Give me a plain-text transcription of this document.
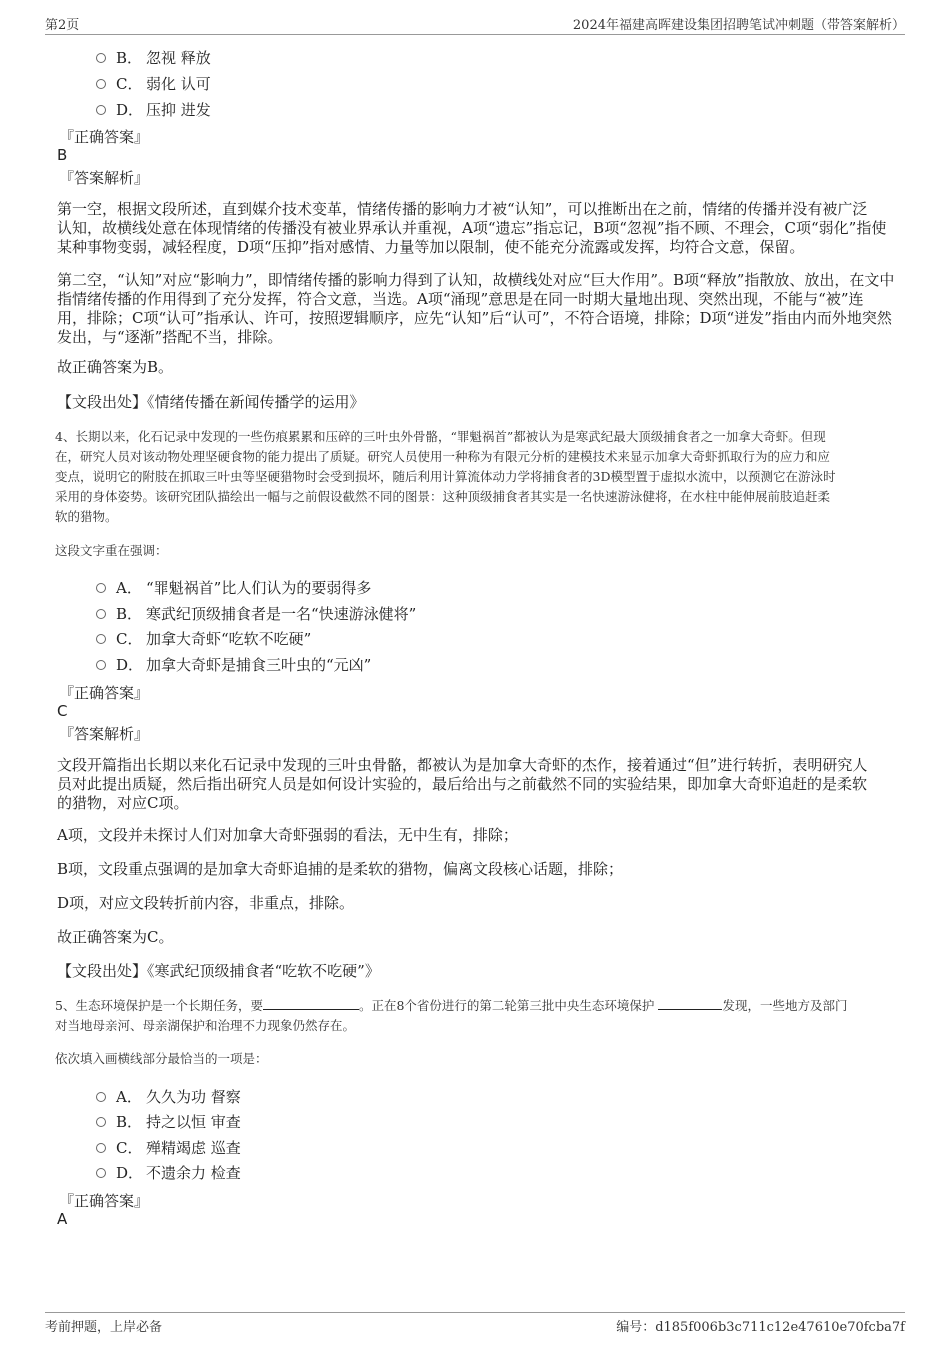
第2页	2024年福建高晖建设集团招聘笔试冲刺题（带答案解析）
B． 忽视 释放
C． 弱化 认可
D． 压抑 进发
『正确答案』
B
『答案解析』
第一空，根据文段所述，直到媒介技术变革，情绪传播的影响力才被“认知”，可以推断出在之前，情绪的传播并没有被广泛
认知，故横线处意在体现情绪的传播没有被业界承认并重视，A项“遗忘”指忘记，B项“忽视”指不顾、不理会，C项“弱化”指使
某种事物变弱，减轻程度，D项“压抑”指对感情、力量等加以限制，使不能充分流露或发挥，均符合文意，保留。
第二空，“认知”对应“影响力”，即情绪传播的影响力得到了认知，故横线处对应“巨大作用”。B项“释放”指散放、放出，在文中
指情绪传播的作用得到了充分发挥，符合文意，当选。A项“涌现”意思是在同一时期大量地出现、突然出现，不能与“被”连
用，排除；C项“认可”指承认、许可，按照逻辑顺序，应先“认知”后“认可”，不符合语境，排除；D项“迸发”指由内而外地突然
发出，与“逐渐”搭配不当，排除。
故正确答案为B。
【文段出处】《情绪传播在新闻传播学的运用》
4、长期以来，化石记录中发现的一些伤痕累累和压碎的三叶虫外骨骼，“罪魁祸首”都被认为是寒武纪最大顶级捕食者之一加拿大奇虾。但现
在，研究人员对该动物处理坚硬食物的能力提出了质疑。研究人员使用一种称为有限元分析的建模技术来显示加拿大奇虾抓取行为的应力和应
变点，说明它的附肢在抓取三叶虫等坚硬猎物时会受到损坏，随后利用计算流体动力学将捕食者的3D模型置于虚拟水流中，以预测它在游泳时
采用的身体姿势。该研究团队描绘出一幅与之前假设截然不同的图景：这种顶级捕食者其实是一名快速游泳健将，在水柱中能伸展前肢追赶柔
软的猎物。
这段文字重在强调：
A． “罪魁祸首”比人们认为的要弱得多
B． 寒武纪顶级捕食者是一名“快速游泳健将”
C． 加拿大奇虾“吃软不吃硬”
D． 加拿大奇虾是捕食三叶虫的“元凶”
『正确答案』
C
『答案解析』
文段开篇指出长期以来化石记录中发现的三叶虫骨骼，都被认为是加拿大奇虾的杰作，接着通过“但”进行转折，表明研究人
员对此提出质疑，然后指出研究人员是如何设计实验的，最后给出与之前截然不同的实验结果，即加拿大奇虾追赶的是柔软
的猎物，对应C项。
A项，文段并未探讨人们对加拿大奇虾强弱的看法，无中生有，排除；
B项，文段重点强调的是加拿大奇虾追捕的是柔软的猎物，偏离文段核心话题，排除；
D项，对应文段转折前内容，非重点，排除。
故正确答案为C。
【文段出处】《寒武纪顶级捕食者“吃软不吃硬”》
5、生态环境保护是一个长期任务，要	。正在8个省份进行的第二轮第三批中央生态环境保护	发现，一些地方及部门
对当地母亲河、母亲湖保护和治理不力现象仍然存在。
依次填入画横线部分最恰当的一项是：
A． 久久为功 督察
B． 持之以恒 审查
C． 殚精竭虑 巡查
D． 不遗余力 检查
『正确答案』
A
考前押题，上岸必备	编号：d185f006b3c711c12e47610e70fcba7f
